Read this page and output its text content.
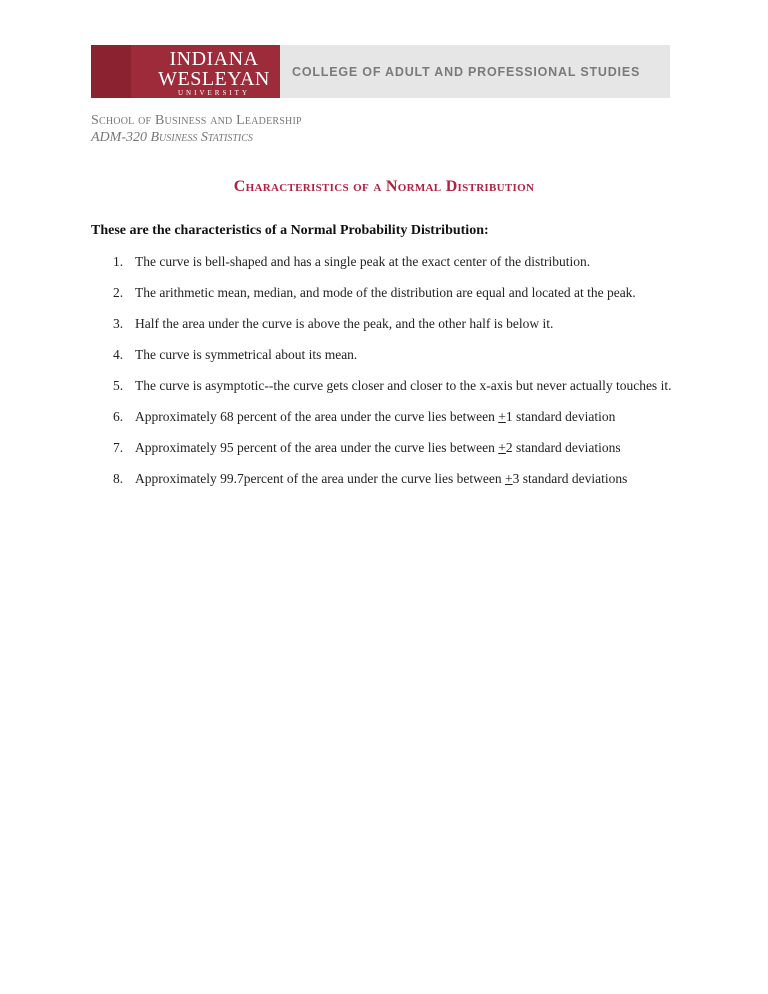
INDIANA
WESLEYAN
UNIVERSITY
COLLEGE OF ADULT AND PROFESSIONAL STUDIES
School of Business and Leadership
ADM-320 Business Statistics
Characteristics of a Normal Distribution
These are the characteristics of a Normal Probability Distribution:
1. The curve is bell-shaped and has a single peak at the exact center of the distribution.
2. The arithmetic mean, median, and mode of the distribution are equal and located at the peak.
3. Half the area under the curve is above the peak, and the other half is below it.
4. The curve is symmetrical about its mean.
5. The curve is asymptotic--the curve gets closer and closer to the x-axis but never actually touches it.
6. Approximately 68 percent of the area under the curve lies between +1 standard deviation
7. Approximately 95 percent of the area under the curve lies between +2 standard deviations
8. Approximately 99.7percent of the area under the curve lies between +3 standard deviations
